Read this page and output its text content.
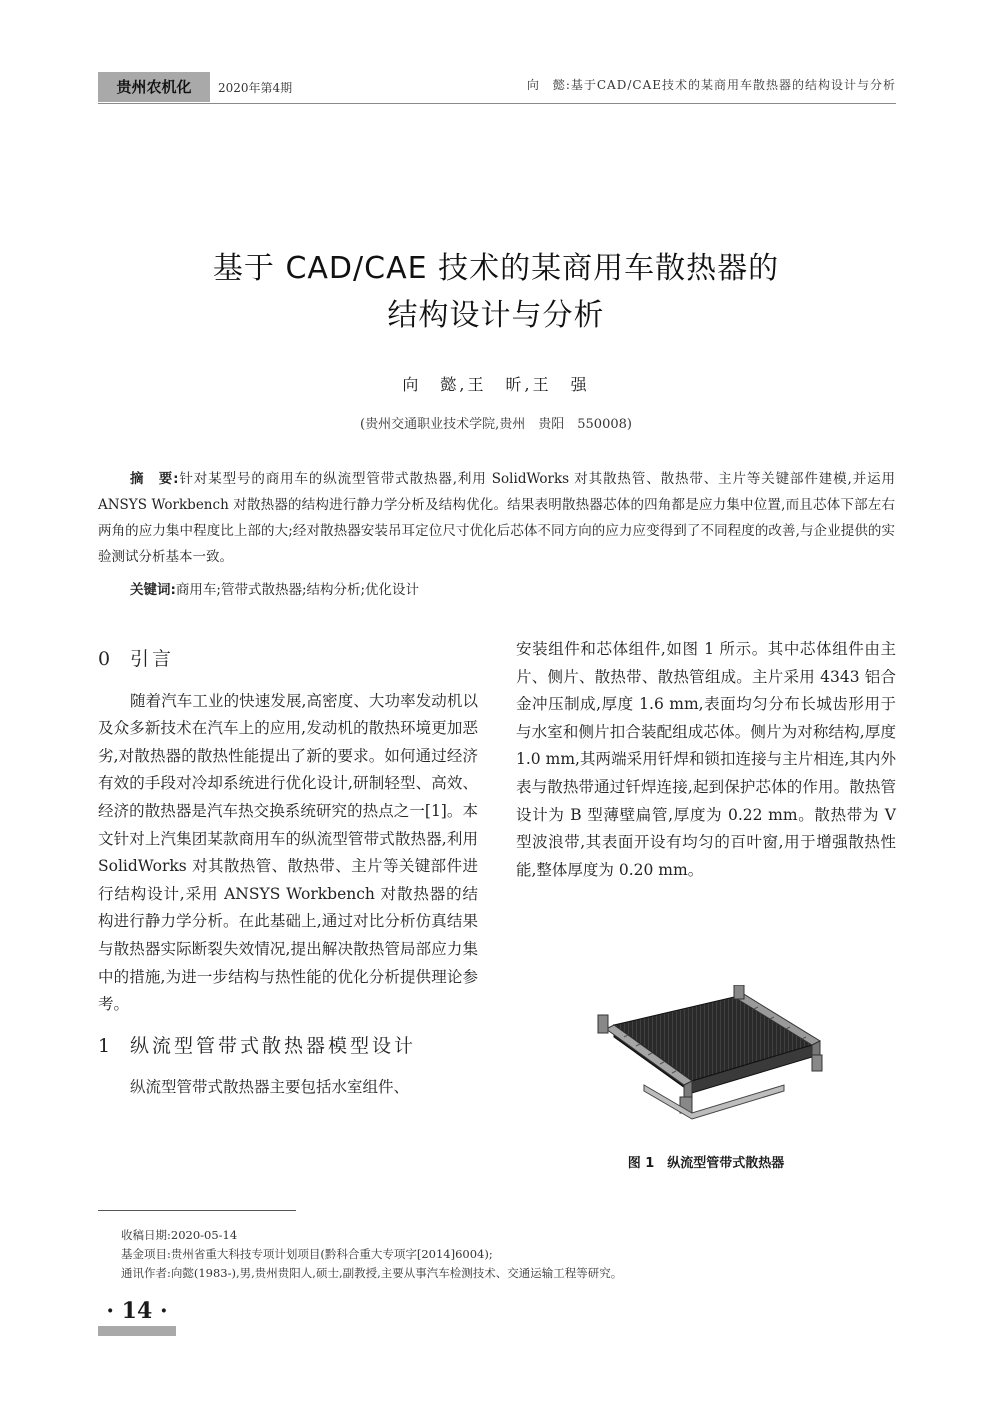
贵州农机化	2020年第4期	向　懿:基于CAD/CAE技术的某商用车散热器的结构设计与分析
基于 CAD/CAE 技术的某商用车散热器的
结构设计与分析
向　懿,王　昕,王　强
(贵州交通职业技术学院,贵州　贵阳　550008)
摘　要:针对某型号的商用车的纵流型管带式散热器,利用 SolidWorks 对其散热管、散热带、主片等关键部件建模,并运用 ANSYS Workbench 对散热器的结构进行静力学分析及结构优化。结果表明散热器芯体的四角都是应力集中位置,而且芯体下部左右两角的应力集中程度比上部的大;经对散热器安装吊耳定位尺寸优化后芯体不同方向的应力应变得到了不同程度的改善,与企业提供的实验测试分析基本一致。
关键词:商用车;管带式散热器;结构分析;优化设计
0 引言

随着汽车工业的快速发展,高密度、大功率发动机以及众多新技术在汽车上的应用,发动机的散热环境更加恶劣,对散热器的散热性能提出了新的要求。如何通过经济有效的手段对冷却系统进行优化设计,研制轻型、高效、经济的散热器是汽车热交换系统研究的热点之一[1]。本文针对上汽集团某款商用车的纵流型管带式散热器,利用 SolidWorks 对其散热管、散热带、主片等关键部件进行结构设计,采用 ANSYS Workbench 对散热器的结构进行静力学分析。在此基础上,通过对比分析仿真结果与散热器实际断裂失效情况,提出解决散热管局部应力集中的措施,为进一步结构与热性能的优化分析提供理论参考。

1 纵流型管带式散热器模型设计

纵流型管带式散热器主要包括水室组件、

安装组件和芯体组件,如图 1 所示。其中芯体组件由主片、侧片、散热带、散热管组成。主片采用 4343 铝合金冲压制成,厚度 1.6 mm,表面均匀分布长城齿形用于与水室和侧片扣合装配组成芯体。侧片为对称结构,厚度 1.0 mm,其两端采用钎焊和锁扣连接与主片相连,其内外表与散热带通过钎焊连接,起到保护芯体的作用。散热管设计为 B 型薄壁扁管,厚度为 0.22 mm。散热带为 V 型波浪带,其表面开设有均匀的百叶窗,用于增强散热性能,整体厚度为 0.20 mm。

图 1　纵流型管带式散热器
收稿日期:2020-05-14
基金项目:贵州省重大科技专项计划项目(黔科合重大专项字[2014]6004);
通讯作者:向懿(1983-),男,贵州贵阳人,硕士,副教授,主要从事汽车检测技术、交通运输工程等研究。
· 14 ·
